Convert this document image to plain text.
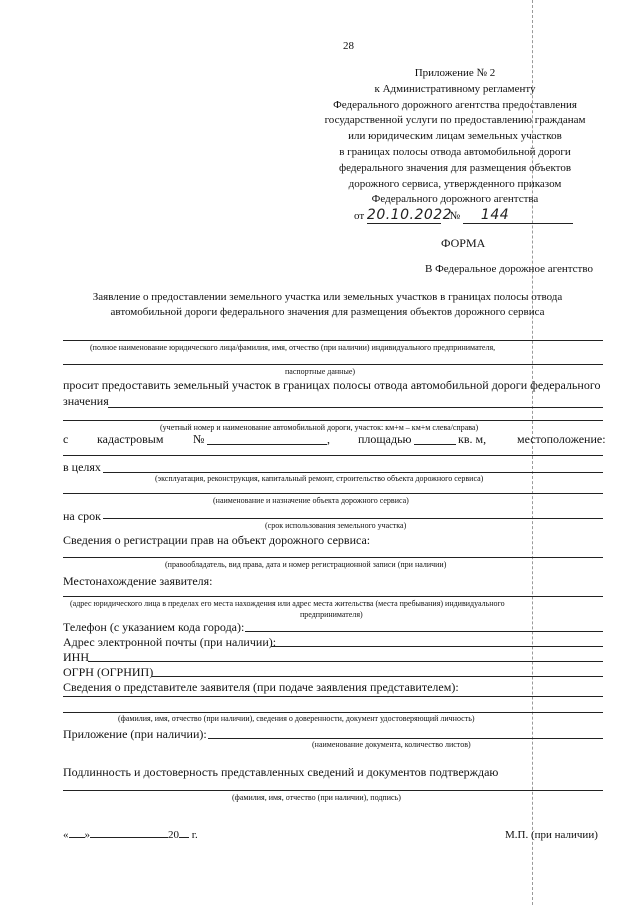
28
Приложение № 2
к Административному регламенту
Федерального дорожного агентства предоставления
государственной услуги по предоставлению гражданам
или юридическим лицам земельных участков
в границах полосы отвода автомобильной дороги
федерального значения для размещения объектов
дорожного сервиса, утвержденного приказом
Федерального дорожного агентства
от 20.10.2022 № 144
ФОРМА
В Федеральное дорожное агентство
Заявление о предоставлении земельного участка или земельных участков в границах полосы отвода
автомобильной дороги федерального значения для размещения объектов дорожного сервиса
(полное наименование юридического лица/фамилия, имя, отчество (при наличии) индивидуального предпринимателя,
паспортные данные)
просит предоставить земельный участок в границах полосы отвода автомобильной дороги федерального
значения
(учетный номер и наименование автомобильной дороги, участок: км+м – км+м слева/справа)
с кадастровым №	, площадью	кв. м,	местоположение:
в целях
(эксплуатация, реконструкция, капитальный ремонт, строительство объекта дорожного сервиса)
(наименование и назначение объекта дорожного сервиса)
на срок
(срок использования земельного участка)
Сведения о регистрации прав на объект дорожного сервиса:
(правообладатель, вид права, дата и номер регистрационной записи (при наличии)
Местонахождение заявителя:
(адрес юридического лица в пределах его места нахождения или адрес места жительства (места пребывания) индивидуального
предпринимателя)
Телефон (с указанием кода города):
Адрес электронной почты (при наличии):
ИНН
ОГРН (ОГРНИП)
Сведения о представителе заявителя (при подаче заявления представителем):
(фамилия, имя, отчество (при наличии), сведения о доверенности, документ удостоверяющий личность)
Приложение (при наличии):
(наименование документа, количество листов)
Подлинность и достоверность представленных сведений и документов подтверждаю
(фамилия, имя, отчество (при наличии), подпись)
« »	20 г.	М.П. (при наличии)
